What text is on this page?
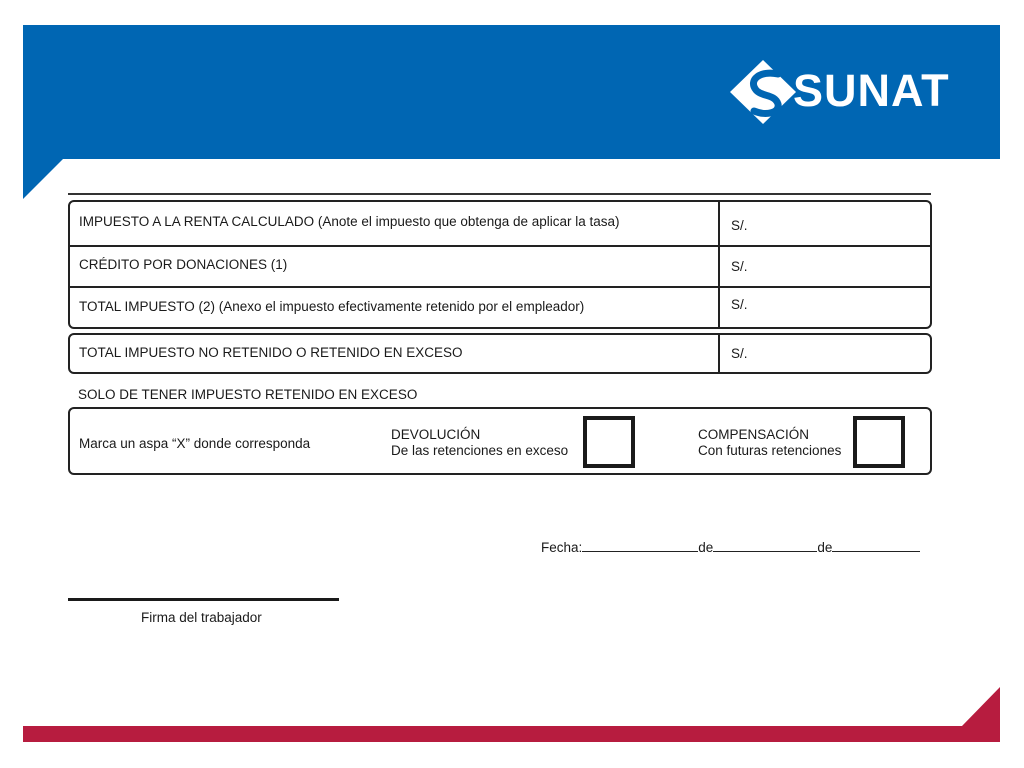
SUNAT
IMPUESTO A LA RENTA CALCULADO (Anote el impuesto que obtenga de aplicar la tasa)	S/.
CRÉDITO POR DONACIONES (1)	S/.
TOTAL IMPUESTO (2) (Anexo el impuesto efectivamente retenido por el empleador)	S/.
TOTAL IMPUESTO NO RETENIDO O RETENIDO EN EXCESO	S/.
SOLO DE TENER IMPUESTO RETENIDO EN EXCESO
Marca un aspa “X” donde corresponda
DEVOLUCIÓN
De las retenciones en exceso
COMPENSACIÓN
Con futuras retenciones
Fecha:	de	de
Firma del trabajador
